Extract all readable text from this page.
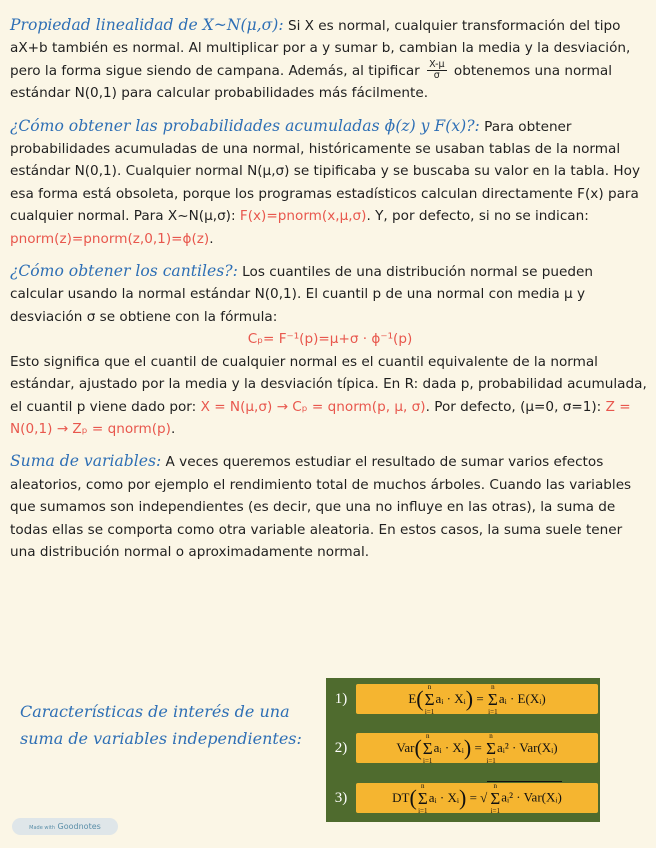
Propiedad linealidad de X~N(μ,σ): Si X es normal, cualquier transformación del tipo aX+b también es normal. Al multiplicar por a y sumar b, cambian la media y la desviación, pero la forma sigue siendo de campana. Además, al tipificar $\frac{X-\mu}{\sigma}$ obtenemos una normal estándar N(0,1) para calcular probabilidades más fácilmente.

¿Cómo obtener las probabilidades acumuladas ɸ(z) y F(x)?: Para obtener probabilidades acumuladas de una normal, históricamente se usaban tablas de la normal estándar N(0,1). Cualquier normal N(μ,σ) se tipificaba y se buscaba su valor en la tabla. Hoy esa forma está obsoleta, porque los programas estadísticos calculan directamente F(x) para cualquier normal. Para X~N(μ,σ): F(x)=pnorm(x,μ,σ). Y, por defecto, si no se indican: pnorm(z)=pnorm(z,0,1)=ɸ(z).

¿Cómo obtener los cantiles?: Los cuantiles de una distribución normal se pueden calcular usando la normal estándar N(0,1). El cuantil p de una normal con media μ y desviación σ se obtiene con la fórmula:
Cₚ= F⁻¹(p)=μ+σ · ɸ⁻¹(p)
Esto significa que el cuantil de cualquier normal es el cuantil equivalente de la normal estándar, ajustado por la media y la desviación típica. En R: dada p, probabilidad acumulada, el cuantil p viene dado por: X = N(μ,σ) → Cₚ = qnorm(p, μ, σ). Por defecto, (μ=0, σ=1): Z = N(0,1) → Zₚ = qnorm(p).

Suma de variables: A veces queremos estudiar el resultado de sumar varios efectos aleatorios, como por ejemplo el rendimiento total de muchos árboles. Cuando las variables que sumamos son independientes (es decir, que una no influye en las otras), la suma de todas ellas se comporta como otra variable aleatoria. En estos casos, la suma suele tener una distribución normal o aproximadamente normal.

Características de interés de una suma de variables independientes:
1)	E ( n
Σ
i=1
aᵢ · Xᵢ ) =
n
Σ
i=1
aᵢ · E(Xᵢ)
2)	Var ( n
Σ
i=1
aᵢ · Xᵢ ) =
n
Σ
i=1
aᵢ² · Var(Xᵢ)
3)	DT ( n
Σ
i=1
aᵢ · Xᵢ ) = √
n
Σ
i=1
aᵢ² · Var(Xᵢ)
Made with Goodnotes
